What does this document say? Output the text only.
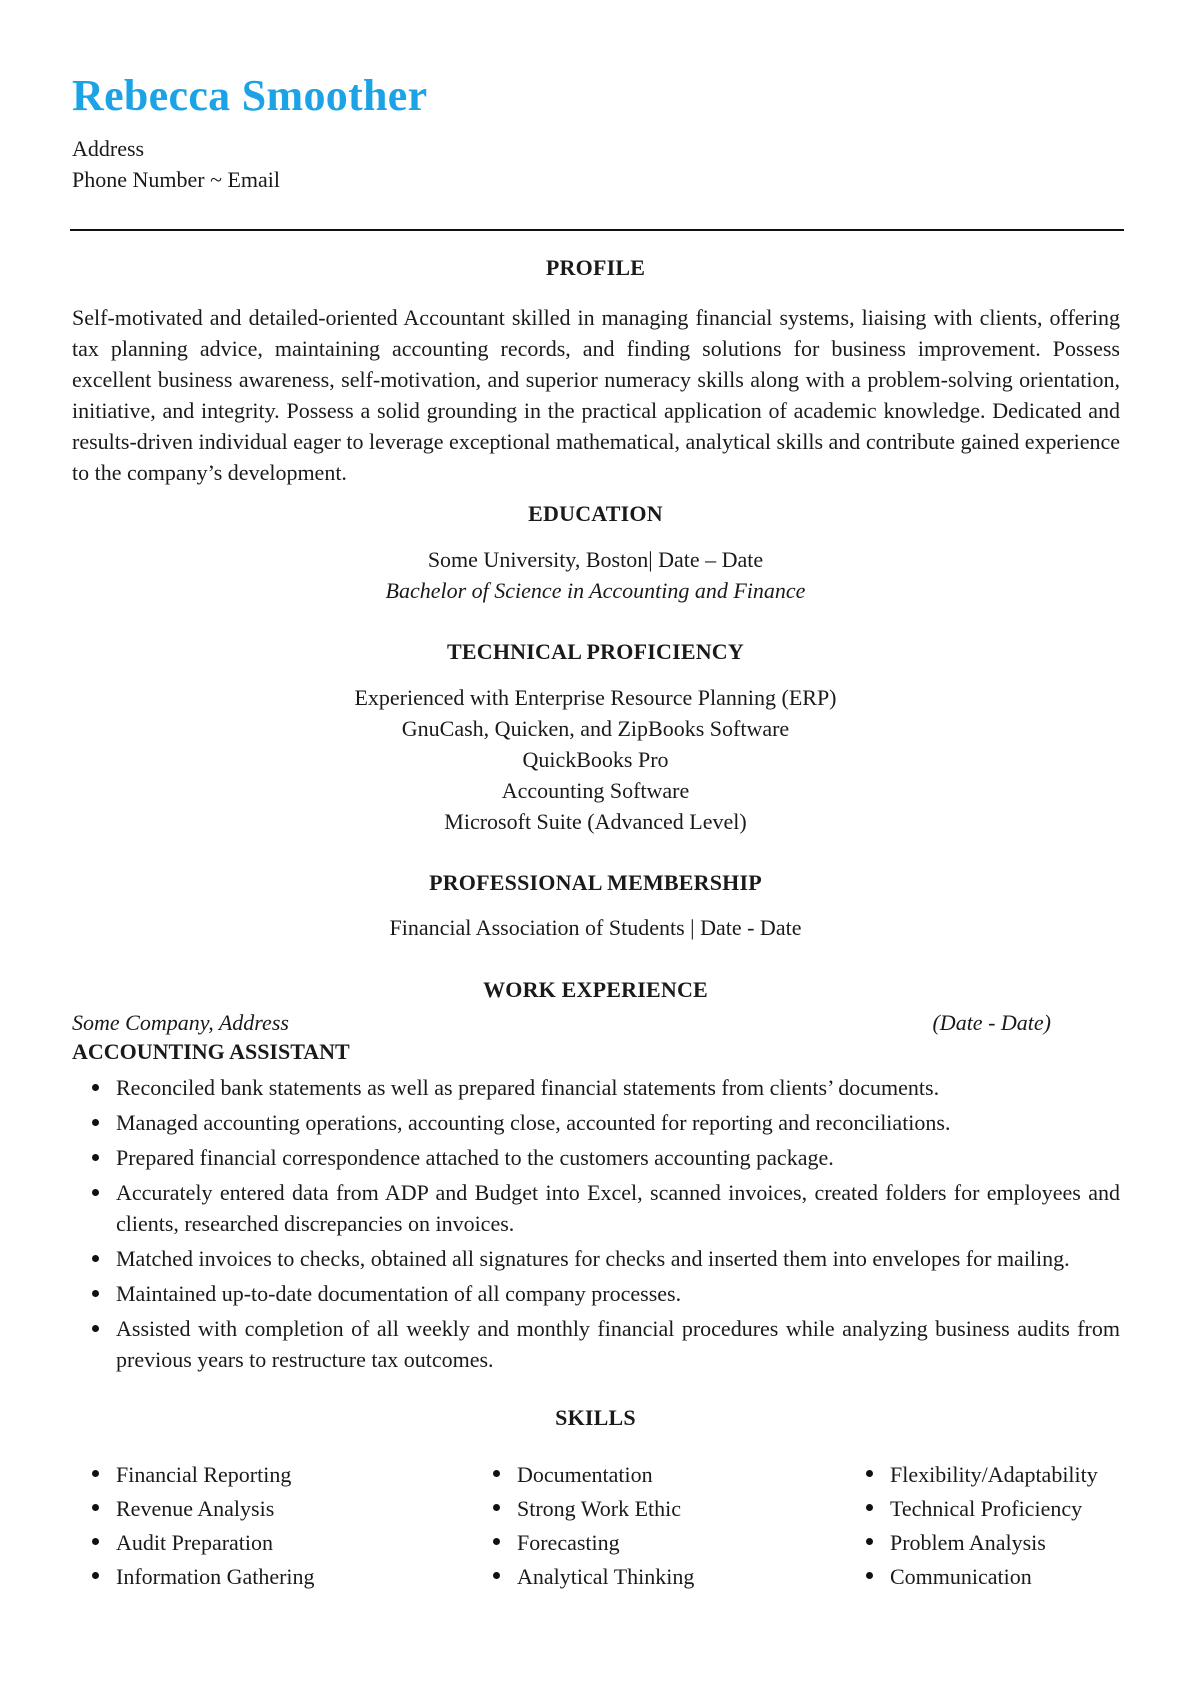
Rebecca Smoother
Address
Phone Number ~ Email
PROFILE

Self-motivated and detailed-oriented Accountant skilled in managing financial systems, liaising with clients, offering tax planning advice, maintaining accounting records, and finding solutions for business improvement. Possess excellent business awareness, self-motivation, and superior numeracy skills along with a problem-solving orientation, initiative, and integrity. Possess a solid grounding in the practical application of academic knowledge. Dedicated and results-driven individual eager to leverage exceptional mathematical, analytical skills and contribute gained experience to the company’s development.

EDUCATION
Some University, Boston| Date – Date
Bachelor of Science in Accounting and Finance
TECHNICAL PROFICIENCY
Experienced with Enterprise Resource Planning (ERP)
GnuCash, Quicken, and ZipBooks Software
QuickBooks Pro
Accounting Software
Microsoft Suite (Advanced Level)
PROFESSIONAL MEMBERSHIP
Financial Association of Students | Date - Date
WORK EXPERIENCE
Some Company, Address	(Date - Date)
ACCOUNTING ASSISTANT
Reconciled bank statements as well as prepared financial statements from clients’ documents.
Managed accounting operations, accounting close, accounted for reporting and reconciliations.
Prepared financial correspondence attached to the customers accounting package.
Accurately entered data from ADP and Budget into Excel, scanned invoices, created folders for employees and clients, researched discrepancies on invoices.
Matched invoices to checks, obtained all signatures for checks and inserted them into envelopes for mailing.
Maintained up-to-date documentation of all company processes.
Assisted with completion of all weekly and monthly financial procedures while analyzing business audits from previous years to restructure tax outcomes.
SKILLS
Financial Reporting
Revenue Analysis
Audit Preparation
Information Gathering
Documentation
Strong Work Ethic
Forecasting
Analytical Thinking
Flexibility/Adaptability
Technical Proficiency
Problem Analysis
Communication
